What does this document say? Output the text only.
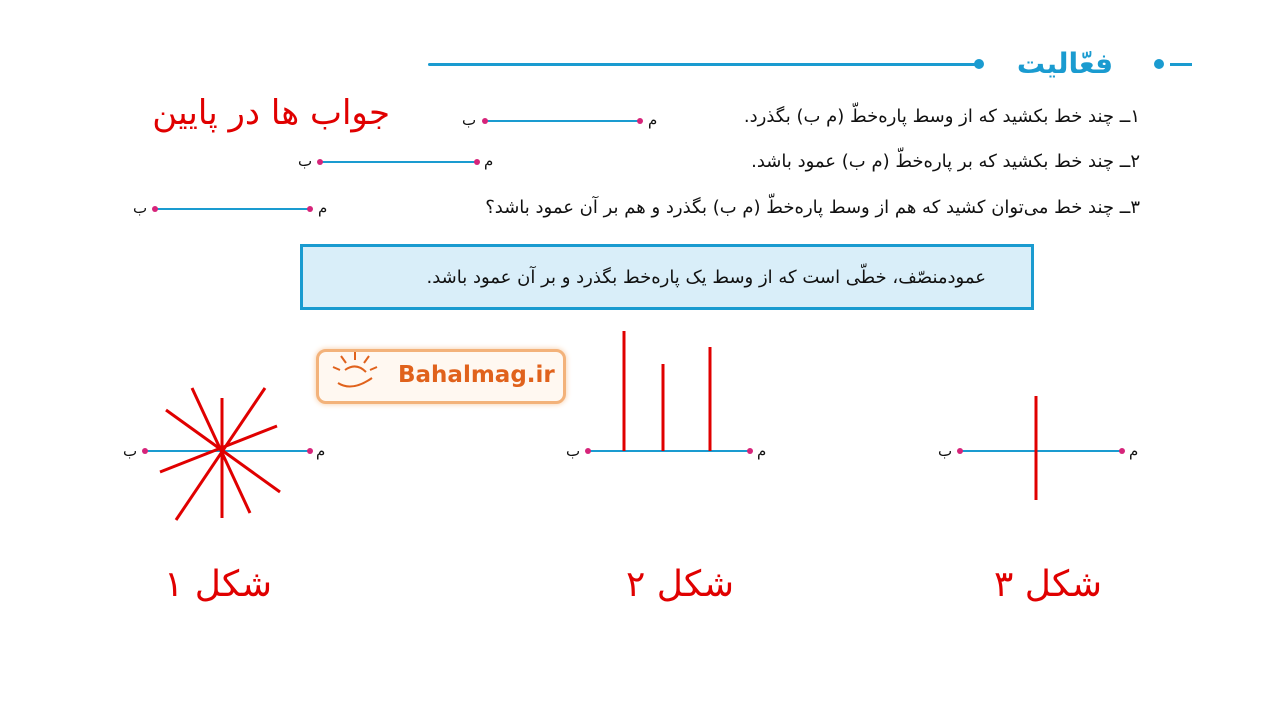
فعّالیت
جواب ها در پایین	۱ــ چند خط بکشید که از وسط پاره‌خطّ (م ب) بگذرد.
۲ــ چند خط بکشید که بر پاره‌خطّ (م ب) عمود باشد.
۳ــ چند خط می‌توان کشید که هم از وسط پاره‌خطّ (م ب) بگذرد و هم بر آن عمود باشد؟
ب	م
ب	م
ب	م
عمودمنصّف، خطّی است که از وسط یک پاره‌خط بگذرد و بر آن عمود باشد.
Bahalmag.ir
ب	م	ب	م	ب	م
شکل ۱	شکل ۲	شکل ۳
